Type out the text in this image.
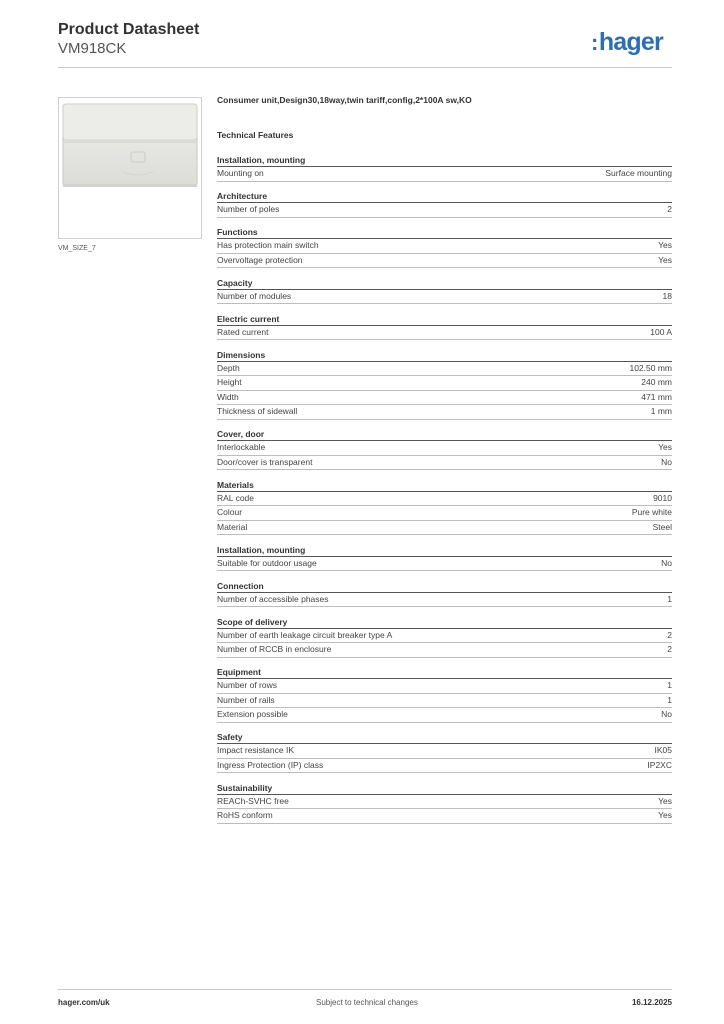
Product Datasheet
VM918CK	:hager
VM_SIZE_7
Consumer unit,Design30,18way,twin tariff,config,2*100A sw,KO
Technical Features
Installation, mounting
Mounting on	Surface mounting
Architecture
Number of poles	2
Functions
Has protection main switch	Yes
Overvoltage protection	Yes
Capacity
Number of modules	18
Electric current
Rated current	100 A
Dimensions
Depth	102.50 mm
Height	240 mm
Width	471 mm
Thickness of sidewall	1 mm
Cover, door
Interlockable	Yes
Door/cover is transparent	No
Materials
RAL code	9010
Colour	Pure white
Material	Steel
Installation, mounting
Suitable for outdoor usage	No
Connection
Number of accessible phases	1
Scope of delivery
Number of earth leakage circuit breaker type A	2
Number of RCCB in enclosure	2
Equipment
Number of rows	1
Number of rails	1
Extension possible	No
Safety
Impact resistance IK	IK05
Ingress Protection (IP) class	IP2XC
Sustainability
REACh-SVHC free	Yes
RoHS conform	Yes
hager.com/uk	Subject to technical changes	16.12.2025
